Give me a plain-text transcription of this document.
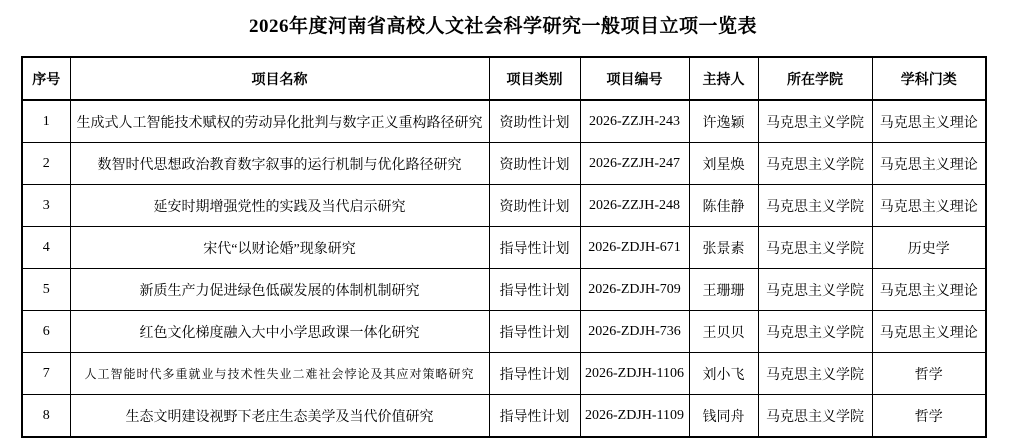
2026年度河南省高校人文社会科学研究一般项目立项一览表
序号	项目名称	项目类别	项目编号	主持人	所在学院	学科门类
1	生成式人工智能技术赋权的劳动异化批判与数字正义重构路径研究	资助性计划	2026-ZZJH-243	许逸颖	马克思主义学院	马克思主义理论
2	数智时代思想政治教育数字叙事的运行机制与优化路径研究	资助性计划	2026-ZZJH-247	刘星焕	马克思主义学院	马克思主义理论
3	延安时期增强党性的实践及当代启示研究	资助性计划	2026-ZZJH-248	陈佳静	马克思主义学院	马克思主义理论
4	宋代“以财论婚”现象研究	指导性计划	2026-ZDJH-671	张景素	马克思主义学院	历史学
5	新质生产力促进绿色低碳发展的体制机制研究	指导性计划	2026-ZDJH-709	王珊珊	马克思主义学院	马克思主义理论
6	红色文化梯度融入大中小学思政课一体化研究	指导性计划	2026-ZDJH-736	王贝贝	马克思主义学院	马克思主义理论
7	人工智能时代多重就业与技术性失业二难社会悖论及其应对策略研究	指导性计划	2026-ZDJH-1106	刘小飞	马克思主义学院	哲学
8	生态文明建设视野下老庄生态美学及当代价值研究	指导性计划	2026-ZDJH-1109	钱同舟	马克思主义学院	哲学
